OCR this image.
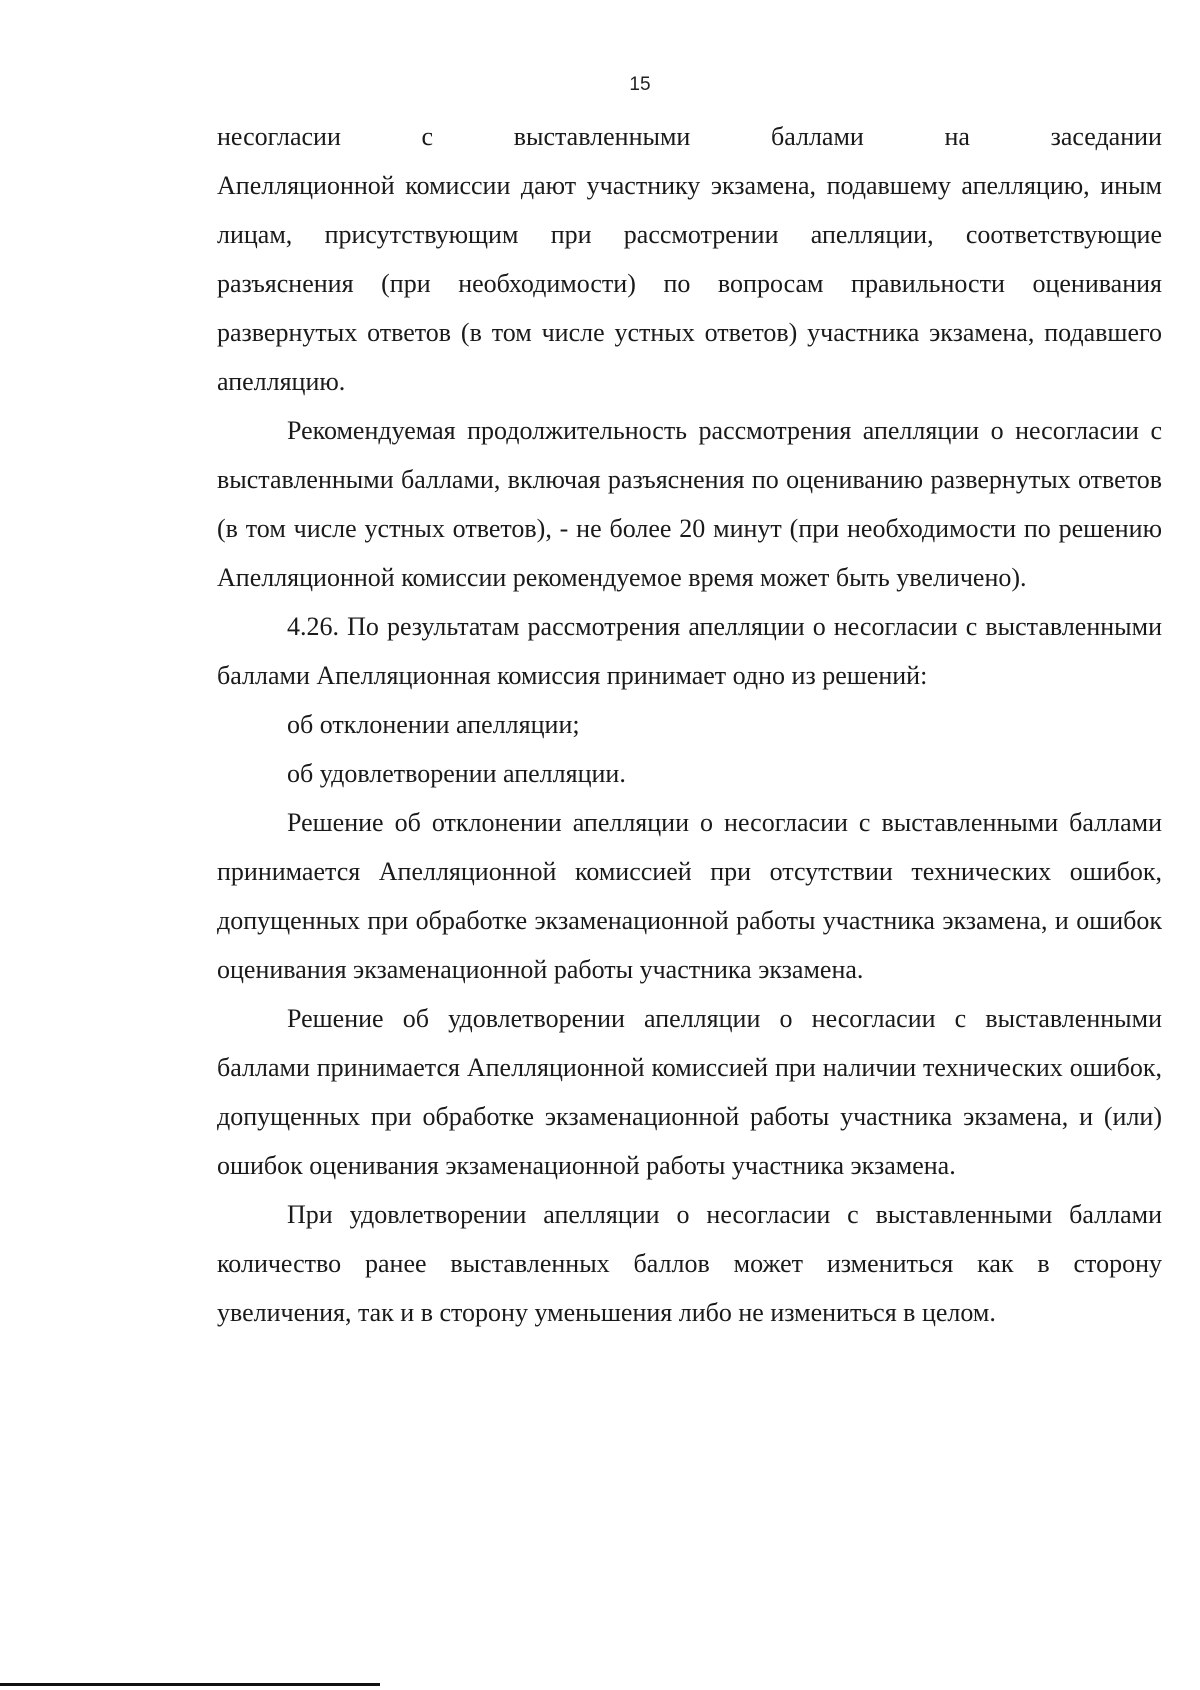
15
несогласии	с	выставленными	баллами	на	заседании

Апелляционной комиссии дают участнику экзамена, подавшему апелляцию, иным лицам, присутствующим при рассмотрении апелляции, соответствующие разъяснения (при необходимости) по вопросам правильности оценивания развернутых ответов (в том числе устных ответов) участника экзамена, подавшего апелляцию.

Рекомендуемая продолжительность рассмотрения апелляции о несогласии с выставленными баллами, включая разъяснения по оцениванию развернутых ответов (в том числе устных ответов), - не более 20 минут (при необходимости по решению Апелляционной комиссии рекомендуемое время может быть увеличено).

4.26. По результатам рассмотрения апелляции о несогласии с выставленными баллами Апелляционная комиссия принимает одно из решений:

об отклонении апелляции;

об удовлетворении апелляции.

Решение об отклонении апелляции о несогласии с выставленными баллами принимается Апелляционной комиссией при отсутствии технических ошибок, допущенных при обработке экзаменационной работы участника экзамена, и ошибок оценивания экзаменационной работы участника экзамена.

Решение об удовлетворении апелляции о несогласии с выставленными баллами принимается Апелляционной комиссией при наличии технических ошибок, допущенных при обработке экзаменационной работы участника экзамена, и (или) ошибок оценивания экзаменационной работы участника экзамена.

При удовлетворении апелляции о несогласии с выставленными баллами количество ранее выставленных баллов может измениться как в сторону увеличения, так и в сторону уменьшения либо не измениться в целом.
